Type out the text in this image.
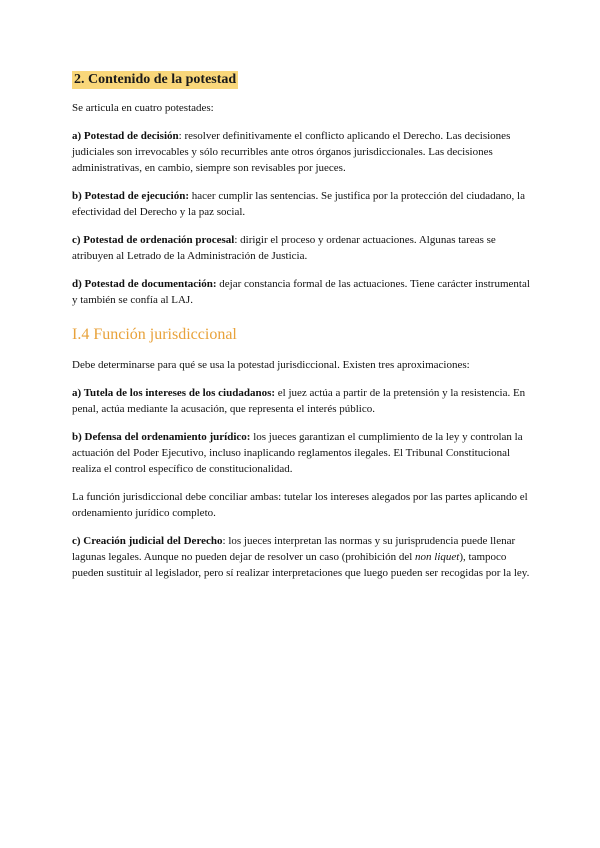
2. Contenido de la potestad

Se articula en cuatro potestades:

a) Potestad de decisión: resolver definitivamente el conflicto aplicando el Derecho. Las decisiones judiciales son irrevocables y sólo recurribles ante otros órganos jurisdiccionales. Las decisiones administrativas, en cambio, siempre son revisables por jueces.

b) Potestad de ejecución: hacer cumplir las sentencias. Se justifica por la protección del ciudadano, la efectividad del Derecho y la paz social.

c) Potestad de ordenación procesal: dirigir el proceso y ordenar actuaciones. Algunas tareas se atribuyen al Letrado de la Administración de Justicia.

d) Potestad de documentación: dejar constancia formal de las actuaciones. Tiene carácter instrumental y también se confía al LAJ.

I.4 Función jurisdiccional

Debe determinarse para qué se usa la potestad jurisdiccional. Existen tres aproximaciones:

a) Tutela de los intereses de los ciudadanos: el juez actúa a partir de la pretensión y la resistencia. En penal, actúa mediante la acusación, que representa el interés público.

b) Defensa del ordenamiento jurídico: los jueces garantizan el cumplimiento de la ley y controlan la actuación del Poder Ejecutivo, incluso inaplicando reglamentos ilegales. El Tribunal Constitucional realiza el control específico de constitucionalidad.

La función jurisdiccional debe conciliar ambas: tutelar los intereses alegados por las partes aplicando el ordenamiento jurídico completo.

c) Creación judicial del Derecho: los jueces interpretan las normas y su jurisprudencia puede llenar lagunas legales. Aunque no pueden dejar de resolver un caso (prohibición del non liquet), tampoco pueden sustituir al legislador, pero sí realizar interpretaciones que luego pueden ser recogidas por la ley.
